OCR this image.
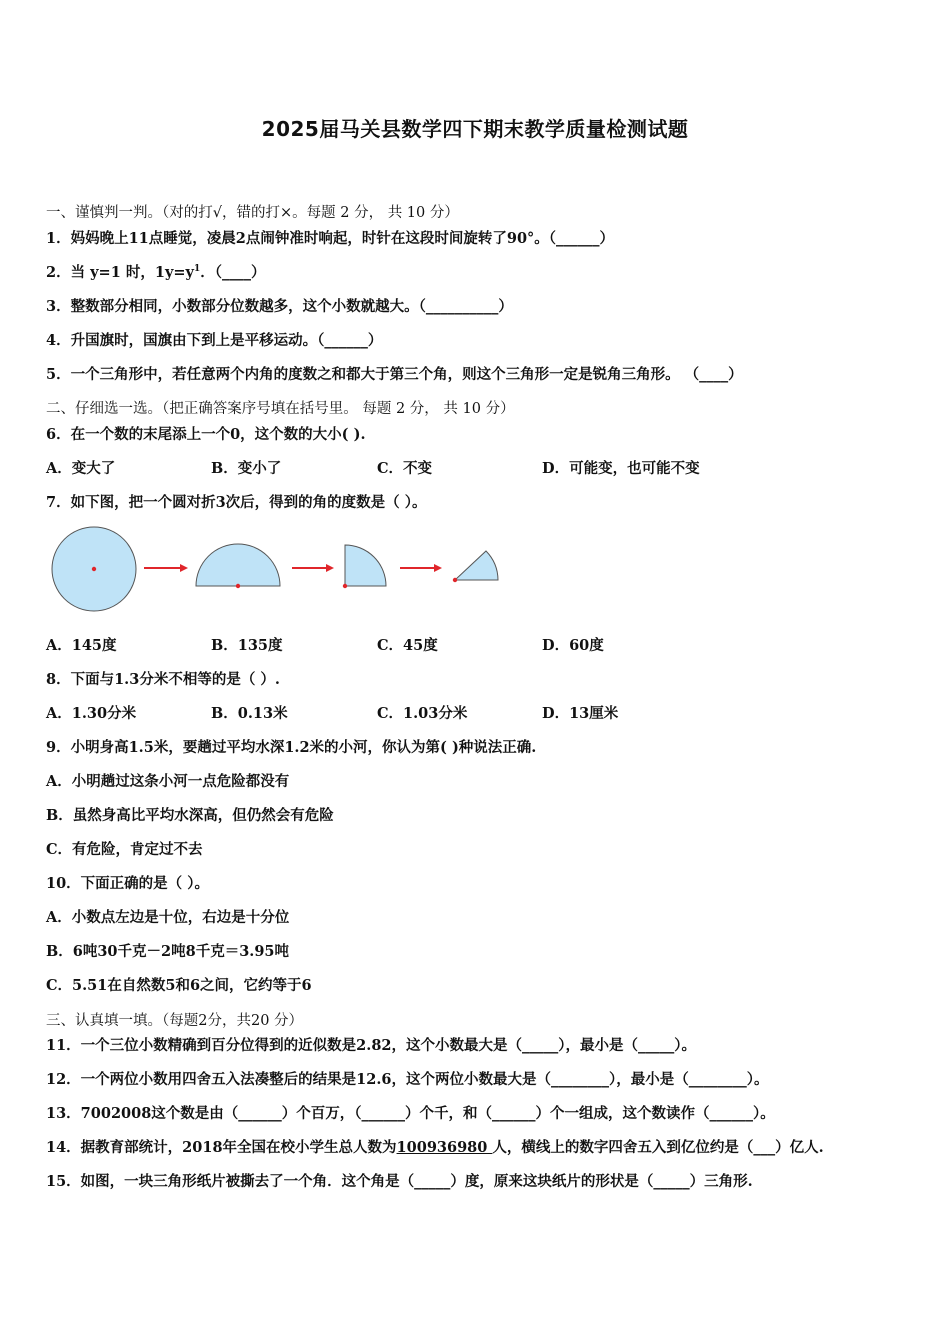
2025届马关县数学四下期末教学质量检测试题
一、谨慎判一判。（对的打√，错的打×。每题 2 分， 共 10 分）
1．妈妈晚上11点睡觉，凌晨2点闹钟准时响起，时针在这段时间旋转了90°。（______）
2．当 y=1 时，$1y=y^1$．（____）
3．整数部分相同，小数部分位数越多，这个小数就越大。（__________）
4．升国旗时，国旗由下到上是平移运动。（______）
5．一个三角形中，若任意两个内角的度数之和都大于第三个角，则这个三角形一定是锐角三角形。 （____）
二、仔细选一选。（把正确答案序号填在括号里。 每题 2 分， 共 10 分）
6．在一个数的末尾添上一个0，这个数的大小( ).
A．变大了	B．变小了	C．不变	D．可能变，也可能不变
7．如下图，把一个圆对折3次后，得到的角的度数是（ ）。
A．145度	B．135度	C．45度	D．60度
8．下面与1.3分米不相等的是（ ）.
A．1.30分米	B．0.13米	C．1.03分米	D．13厘米
9．小明身高1.5米，要趟过平均水深1.2米的小河，你认为第( )种说法正确.
A．小明趟过这条小河一点危险都没有
B．虽然身高比平均水深高，但仍然会有危险
C．有危险，肯定过不去
10．下面正确的是（ ）。
A．小数点左边是十位，右边是十分位
B．6吨30千克－2吨8千克＝3.95吨
C．5.51在自然数5和6之间，它约等于6
三、认真填一填。（每题2分，共20 分）
11．一个三位小数精确到百分位得到的近似数是2.82，这个小数最大是（_____），最小是（_____）。
12．一个两位小数用四舍五入法凑整后的结果是12.6，这个两位小数最大是（________），最小是（________）。
13．7002008这个数是由（______）个百万，（______）个千，和（______）个一组成，这个数读作（______）。
14．据教育部统计，2018年全国在校小学生总人数为100936980 人，横线上的数字四舍五入到亿位约是（___）亿人.
15．如图，一块三角形纸片被撕去了一个角．这个角是（_____）度，原来这块纸片的形状是（_____）三角形.
